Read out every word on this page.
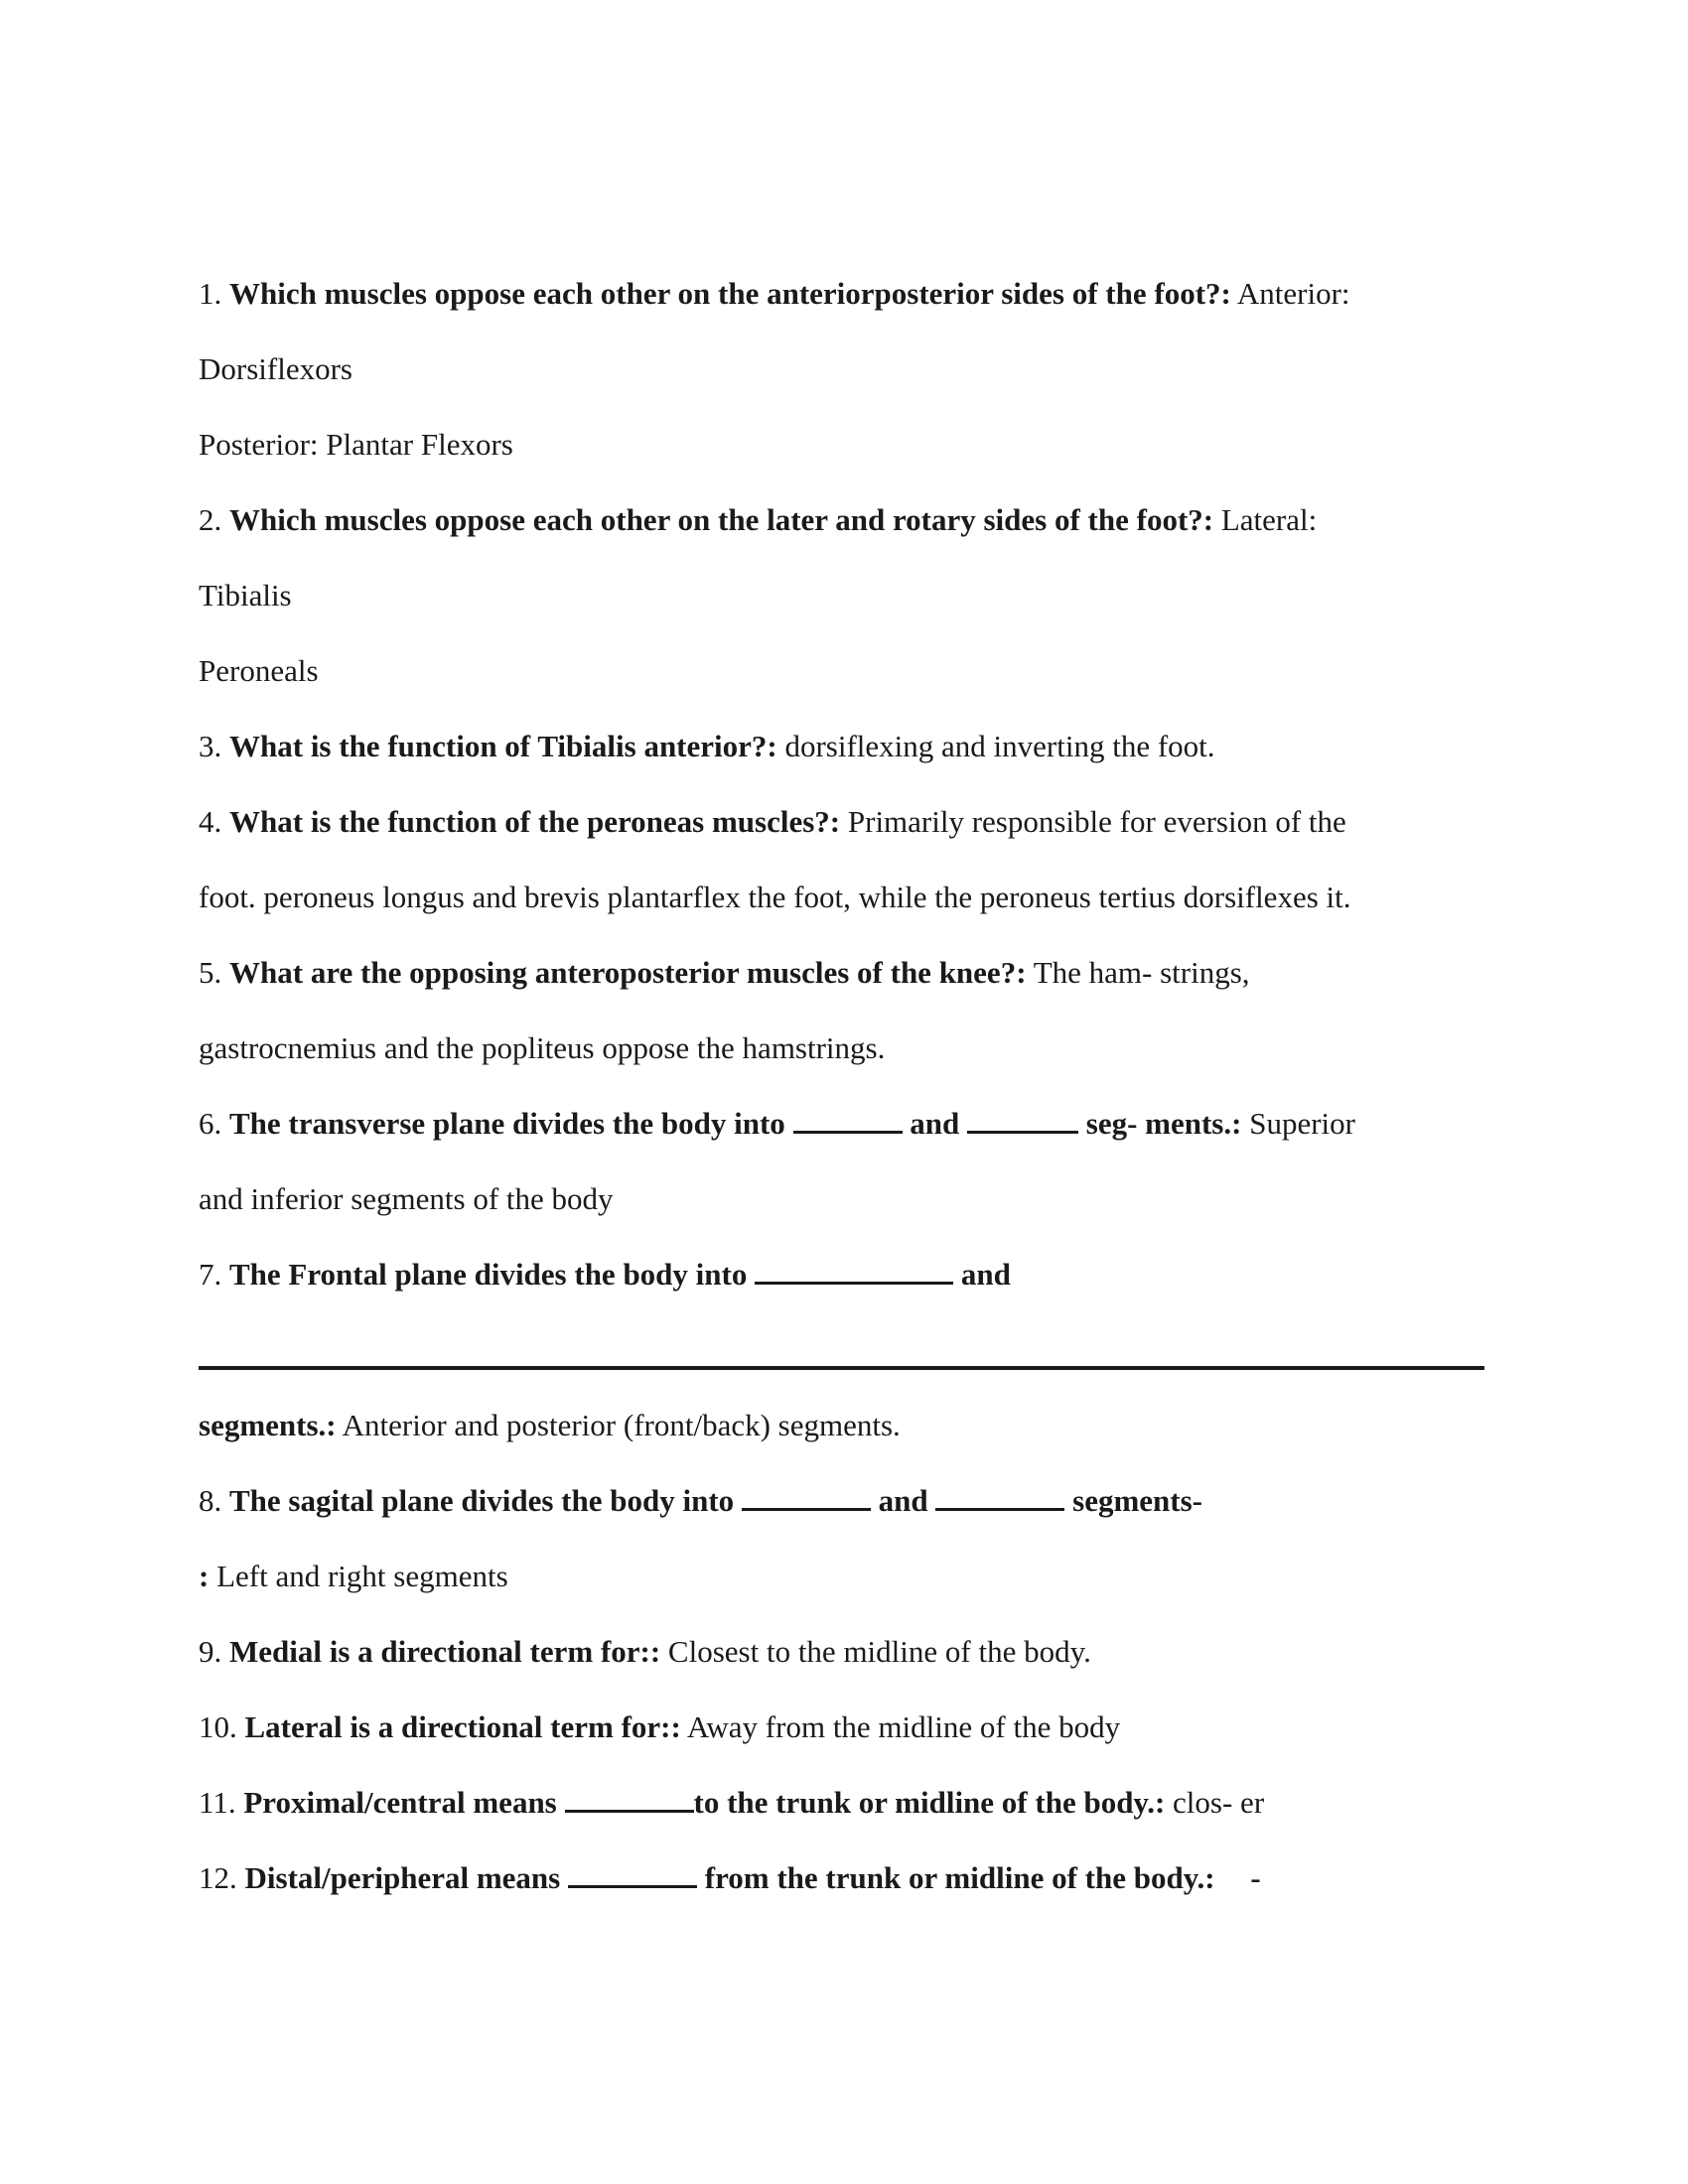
1. Which muscles oppose each other on the anteriorposterior sides of the foot?: Anterior:
Dorsiflexors
Posterior: Plantar Flexors
2. Which muscles oppose each other on the later and rotary sides of the foot?: Lateral:
Tibialis
Peroneals
3. What is the function of Tibialis anterior?: dorsiflexing and inverting the foot.
4. What is the function of the peroneas muscles?: Primarily responsible for eversion of the
foot. peroneus longus and brevis plantarflex the foot, while the peroneus tertius dorsiflexes it.
5. What are the opposing anteroposterior muscles of the knee?: The ham- strings,
gastrocnemius and the popliteus oppose the hamstrings.
6. The transverse plane divides the body into	and	seg- ments.: Superior
and inferior segments of the body
7. The Frontal plane divides the body into	and
segments.: Anterior and posterior (front/back) segments.
8. The sagital plane divides the body into	and	segments-
: Left and right segments
9. Medial is a directional term for:: Closest to the midline of the body.
10. Lateral is a directional term for:: Away from the midline of the body
11. Proximal/central means	to the trunk or midline of the body.: clos- er
12. Distal/peripheral means	from the trunk or midline of the body.: -
